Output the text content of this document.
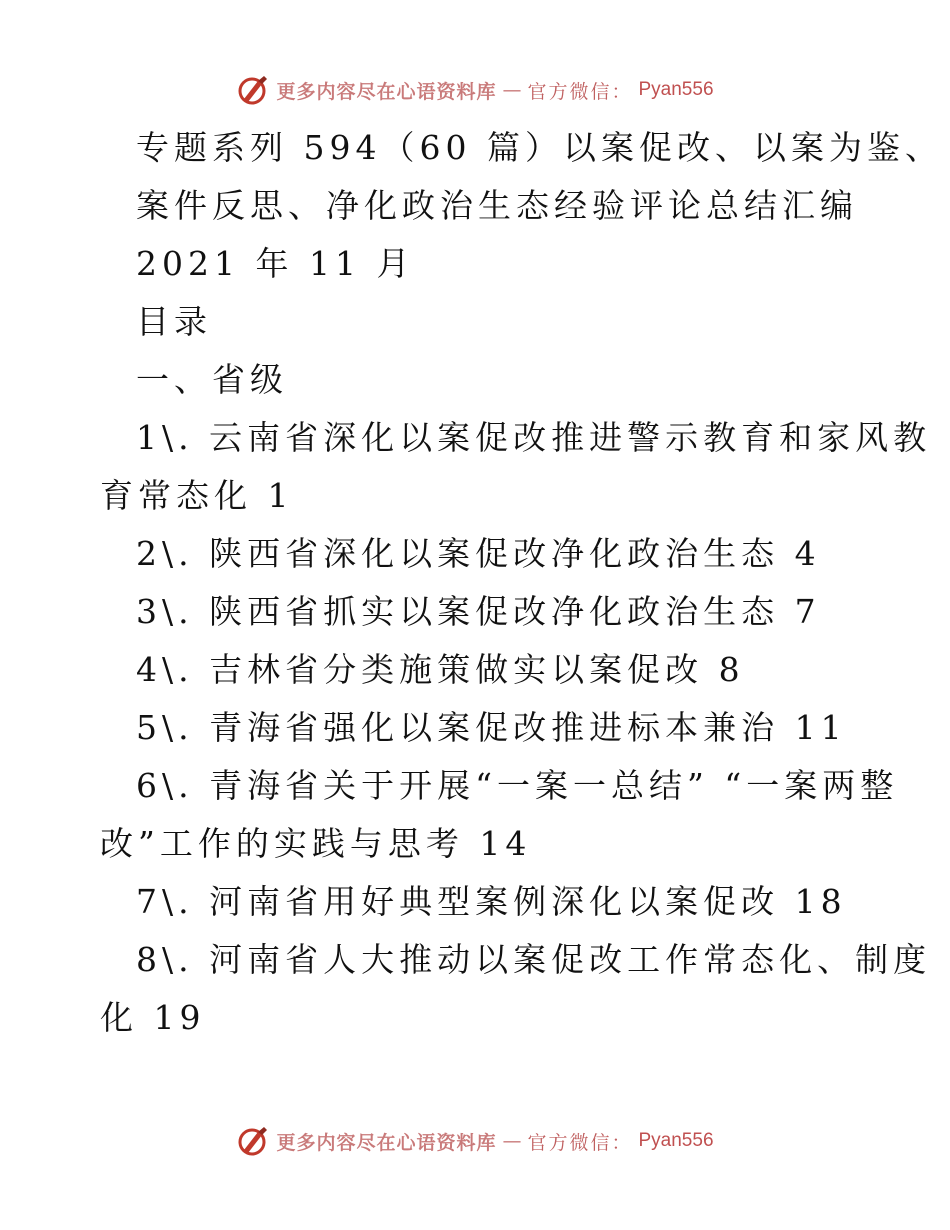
更多内容尽在心语资料库 — 官方微信： Pyan556
专题系列 594（60 篇）以案促改、以案为鉴、
案件反思、净化政治生态经验评论总结汇编
2021 年 11 月
目录
一、省级
1\. 云南省深化以案促改推进警示教育和家风教
育常态化 1
2\. 陕西省深化以案促改净化政治生态 4
3\. 陕西省抓实以案促改净化政治生态 7
4\. 吉林省分类施策做实以案促改 8
5\. 青海省强化以案促改推进标本兼治 11
6\. 青海省关于开展“一案一总结” “一案两整
改”工作的实践与思考 14
7\. 河南省用好典型案例深化以案促改 18
8\. 河南省人大推动以案促改工作常态化、制度
化 19
更多内容尽在心语资料库 — 官方微信： Pyan556
